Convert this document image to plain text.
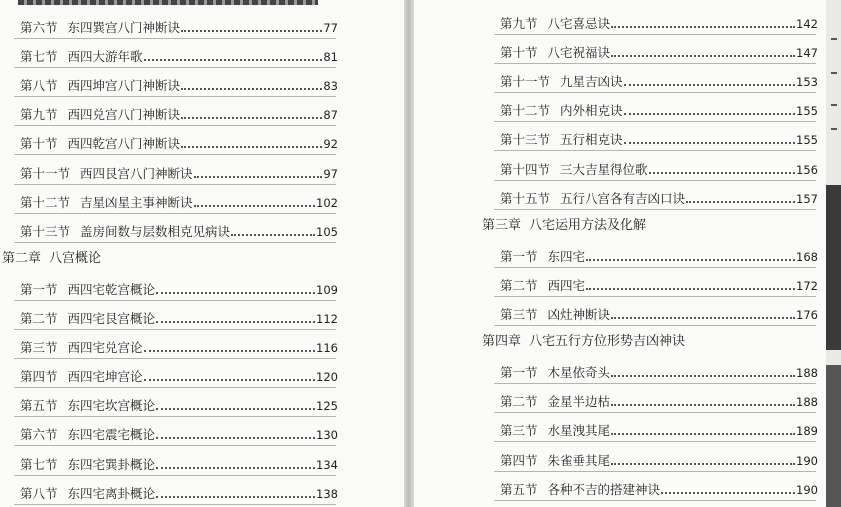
第六节 东四巽宫八门神断诀	77
第七节 西四大游年歌	81
第八节 西四坤宫八门神断诀	83
第九节 西四兑宫八门神断诀	87
第十节 西四乾宫八门神断诀	92
第十一节 西四艮宫八门神断诀	97
第十二节 吉星凶星主事神断诀	102
第十三节 盖房间数与层数相克见病诀	105
第二章 八宫概论
第一节 西四宅乾宫概论	109
第二节 西四宅艮宫概论	112
第三节 西四宅兑宫论	116
第四节 西四宅坤宫论	120
第五节 东四宅坎宫概论	125
第六节 东四宅震宅概论	130
第七节 东四宅巽卦概论	134
第八节 东四宅离卦概论	138
第九节 八宅喜忌诀	142
第十节 八宅祝福诀	147
第十一节 九星吉凶诀	153
第十二节 内外相克诀	155
第十三节 五行相克诀	155
第十四节 三大吉星得位歌	156
第十五节 五行八宫各有吉凶口诀	157
第三章 八宅运用方法及化解
第一节 东四宅	168
第二节 西四宅	172
第三节 凶灶神断诀	176
第四章 八宅五行方位形势吉凶神诀
第一节 木星依奇头	188
第二节 金星半边枯	188
第三节 水星洩其尾	189
第四节 朱雀垂其尾	190
第五节 各种不吉的搭建神诀	190
